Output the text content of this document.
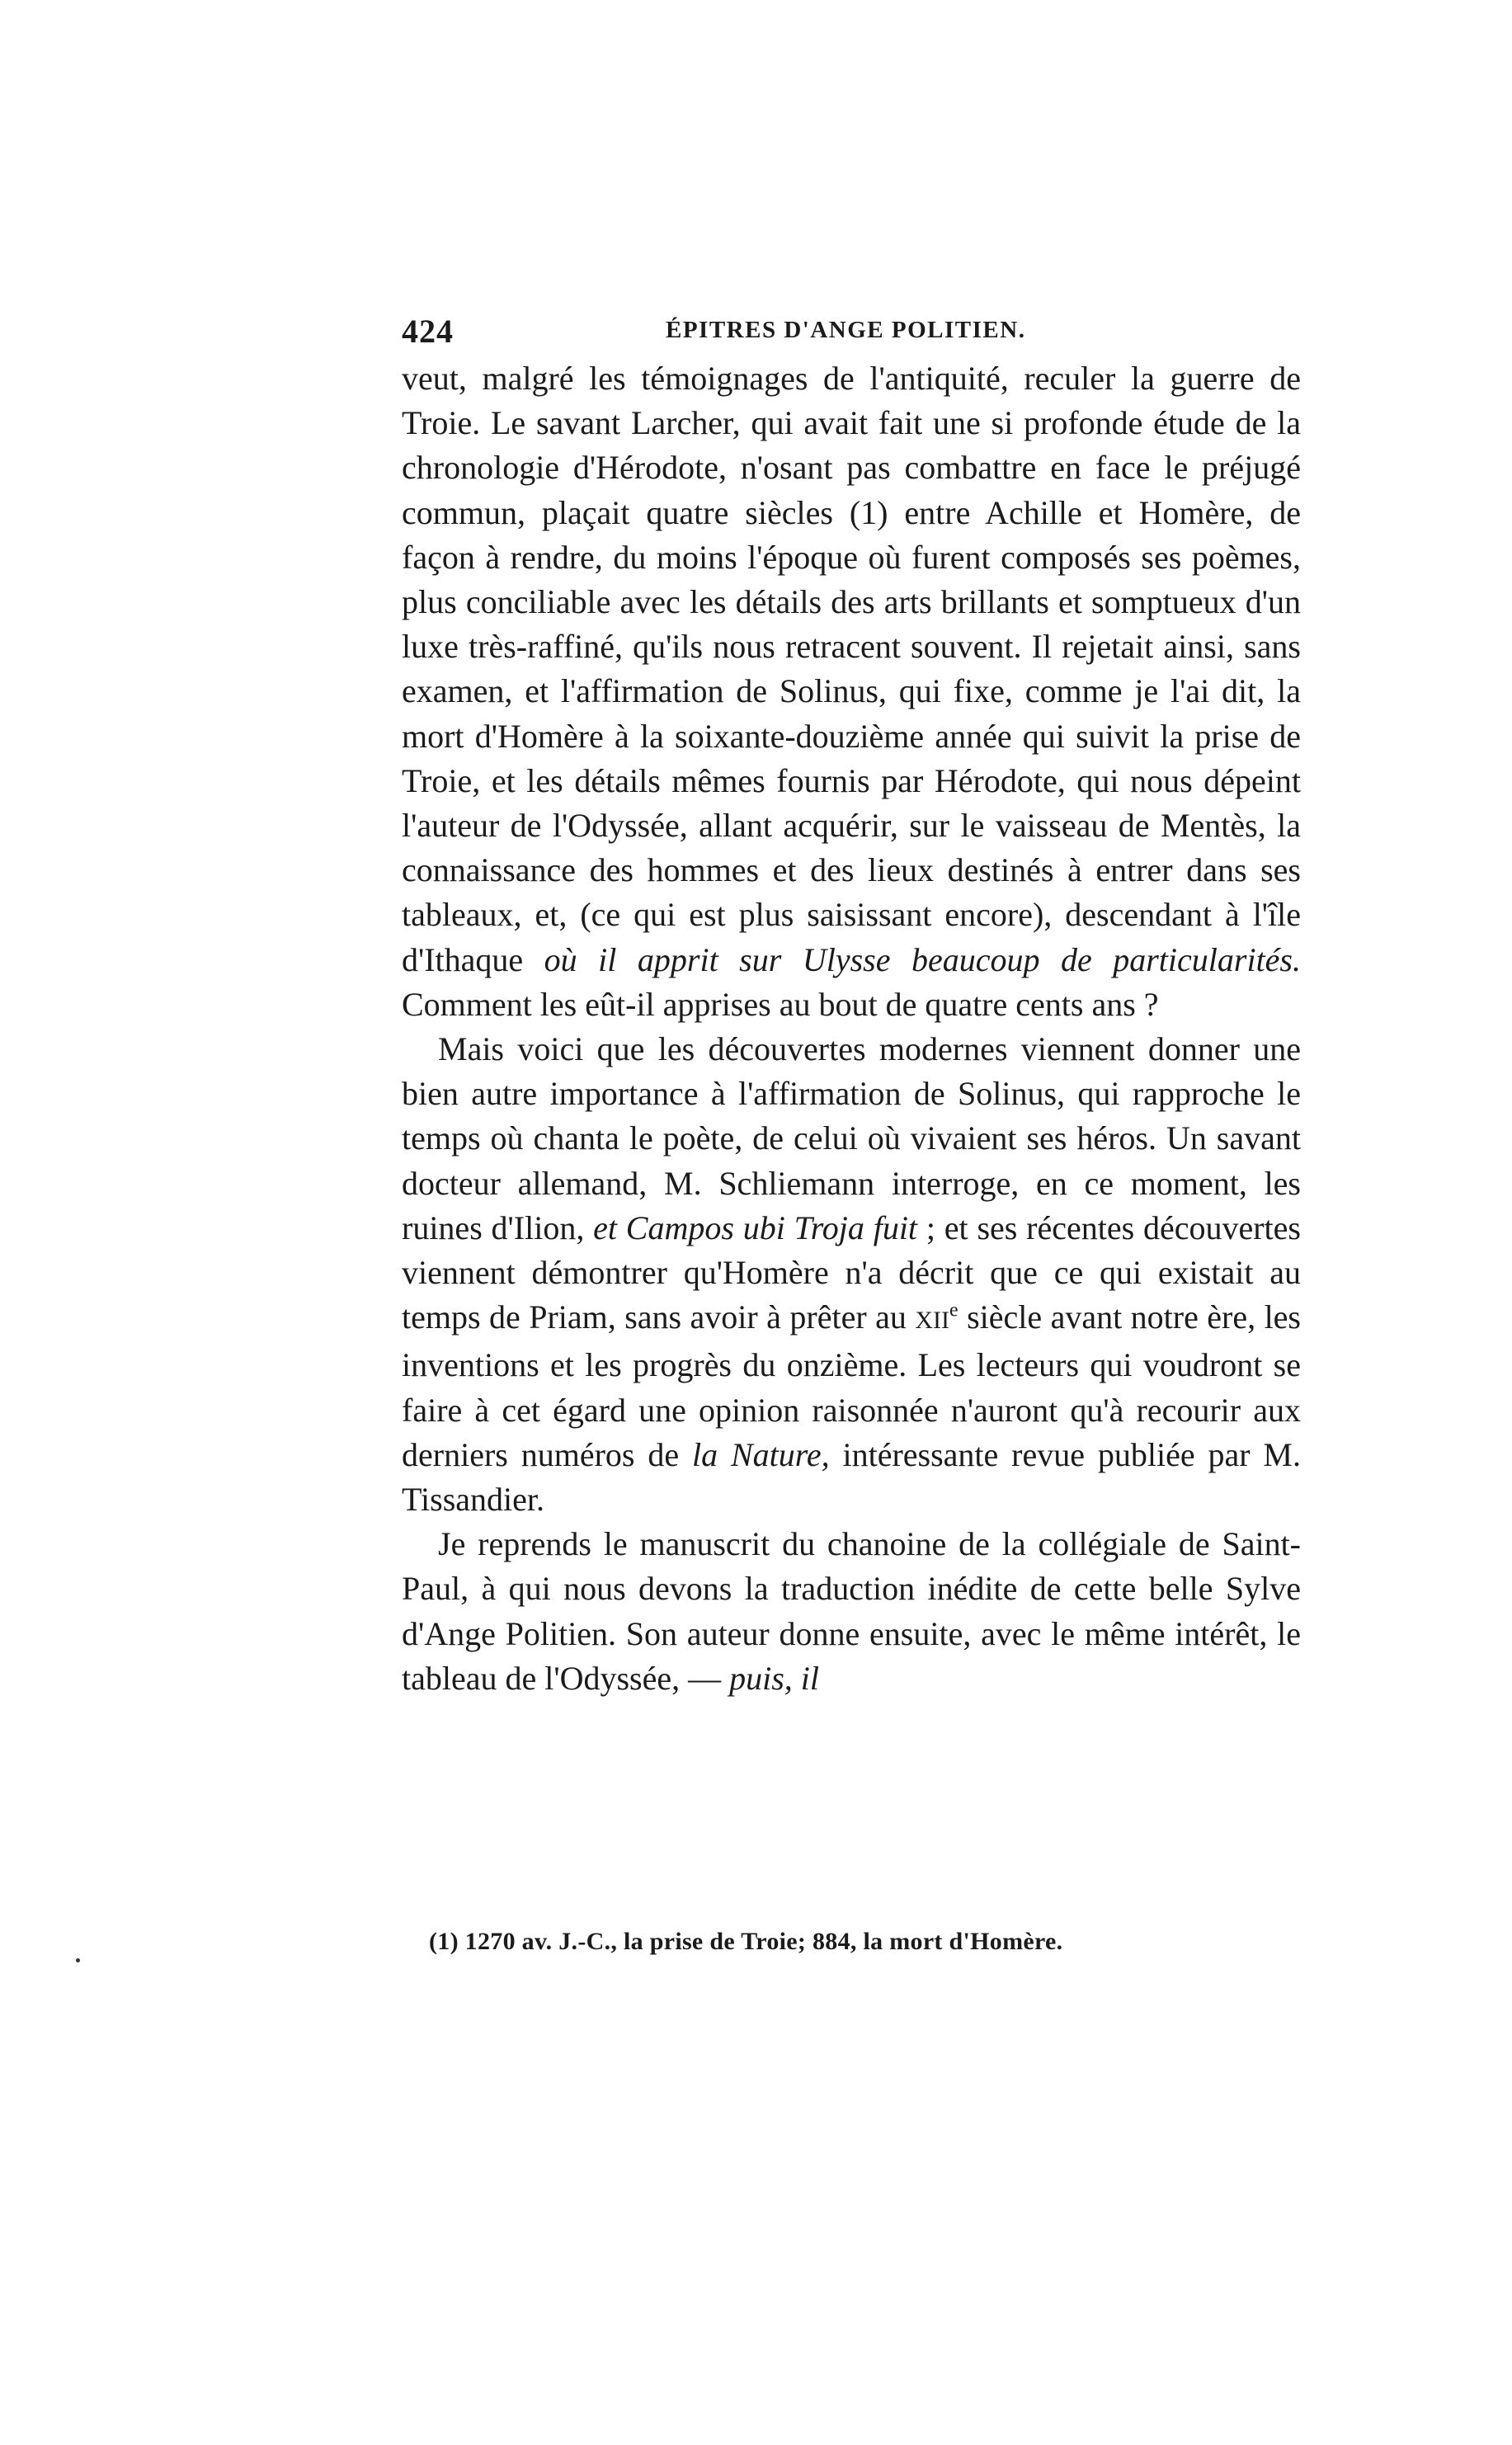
424	ÉPITRES D'ANGE POLITIEN.

veut, malgré les témoignages de l'antiquité, reculer la guerre de Troie. Le savant Larcher, qui avait fait une si profonde étude de la chronologie d'Hérodote, n'osant pas combattre en face le préjugé commun, plaçait quatre siècles (1) entre Achille et Homère, de façon à rendre, du moins l'époque où furent composés ses poèmes, plus conciliable avec les détails des arts brillants et somptueux d'un luxe très-raffiné, qu'ils nous retracent souvent. Il rejetait ainsi, sans examen, et l'affirmation de Solinus, qui fixe, comme je l'ai dit, la mort d'Homère à la soixante-douzième année qui suivit la prise de Troie, et les détails mêmes fournis par Hérodote, qui nous dépeint l'auteur de l'Odyssée, allant acquérir, sur le vaisseau de Mentès, la connaissance des hommes et des lieux destinés à entrer dans ses tableaux, et, (ce qui est plus saisissant encore), descendant à l'île d'Ithaque où il apprit sur Ulysse beaucoup de particularités. Comment les eût-il apprises au bout de quatre cents ans ?

Mais voici que les découvertes modernes viennent donner une bien autre importance à l'affirmation de Solinus, qui rapproche le temps où chanta le poète, de celui où vivaient ses héros. Un savant docteur allemand, M. Schliemann interroge, en ce moment, les ruines d'Ilion, et Campos ubi Troja fuit ; et ses récentes découvertes viennent démontrer qu'Homère n'a décrit que ce qui existait au temps de Priam, sans avoir à prêter au XIIe siècle avant notre ère, les inventions et les progrès du onzième. Les lecteurs qui voudront se faire à cet égard une opinion raisonnée n'auront qu'à recourir aux derniers numéros de la Nature, intéressante revue publiée par M. Tissandier.

Je reprends le manuscrit du chanoine de la collégiale de Saint-Paul, à qui nous devons la traduction inédite de cette belle Sylve d'Ange Politien. Son auteur donne ensuite, avec le même intérêt, le tableau de l'Odyssée, — puis, il

(1) 1270 av. J.-C., la prise de Troie; 884, la mort d'Homère.
